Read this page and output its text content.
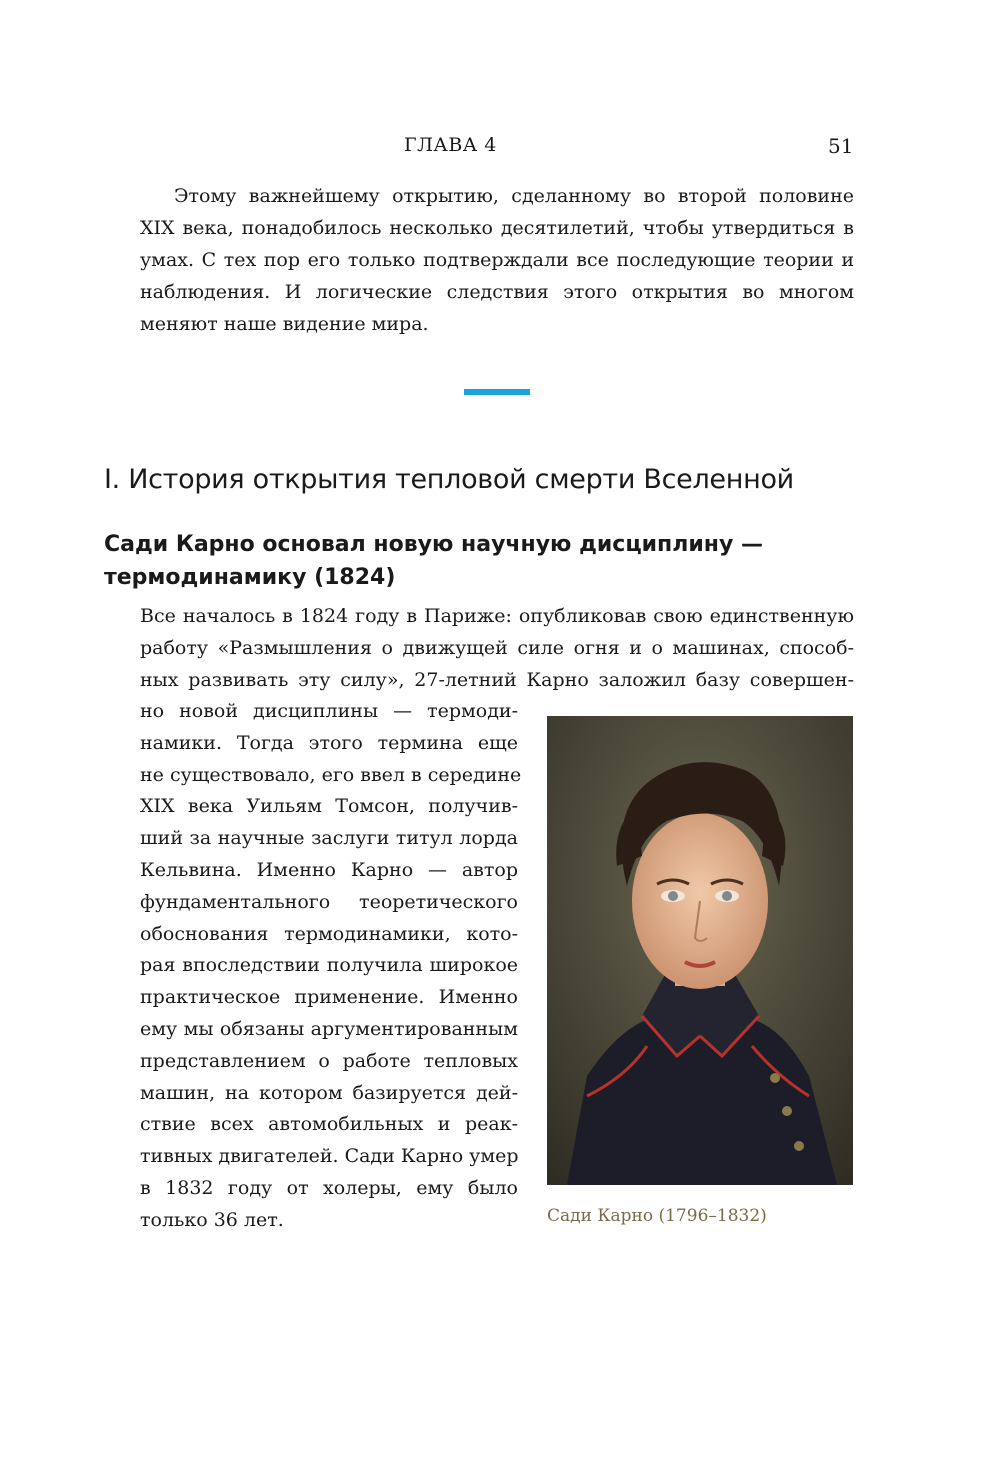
ГЛАВА 4	51

Этому важнейшему открытию, сделанному во второй половине XIX века, понадобилось несколько десятилетий, чтобы утвердиться в умах. С тех пор его только подтверждали все последующие теории и наблюдения. И логические следствия этого открытия во многом меняют наше видение мира.

I. История открытия тепловой смерти Вселенной
Сади Карно основал новую научную дисциплину — термодинамику (1824)
Все началось в 1824 году в Париже: опубликовав свою единственную
работу «Размышления о движущей силе огня и о машинах, способ-
ных развивать эту силу», 27-летний Карно заложил базу совершен-
но новой дисциплины — термоди-
намики. Тогда этого термина еще
не существовало, его ввел в середине
XIX века Уильям Томсон, получив-
ший за научные заслуги титул лорда
Кельвина. Именно Карно — автор
фундаментального теоретического
обоснования термодинамики, кото-
рая впоследствии получила широкое
практическое применение. Именно
ему мы обязаны аргументированным
представлением о работе тепловых
машин, на котором базируется дей-
ствие всех автомобильных и реак-
тивных двигателей. Сади Карно умер
в 1832 году от холеры, ему было
только 36 лет.	Сади Карно (1796–1832)
